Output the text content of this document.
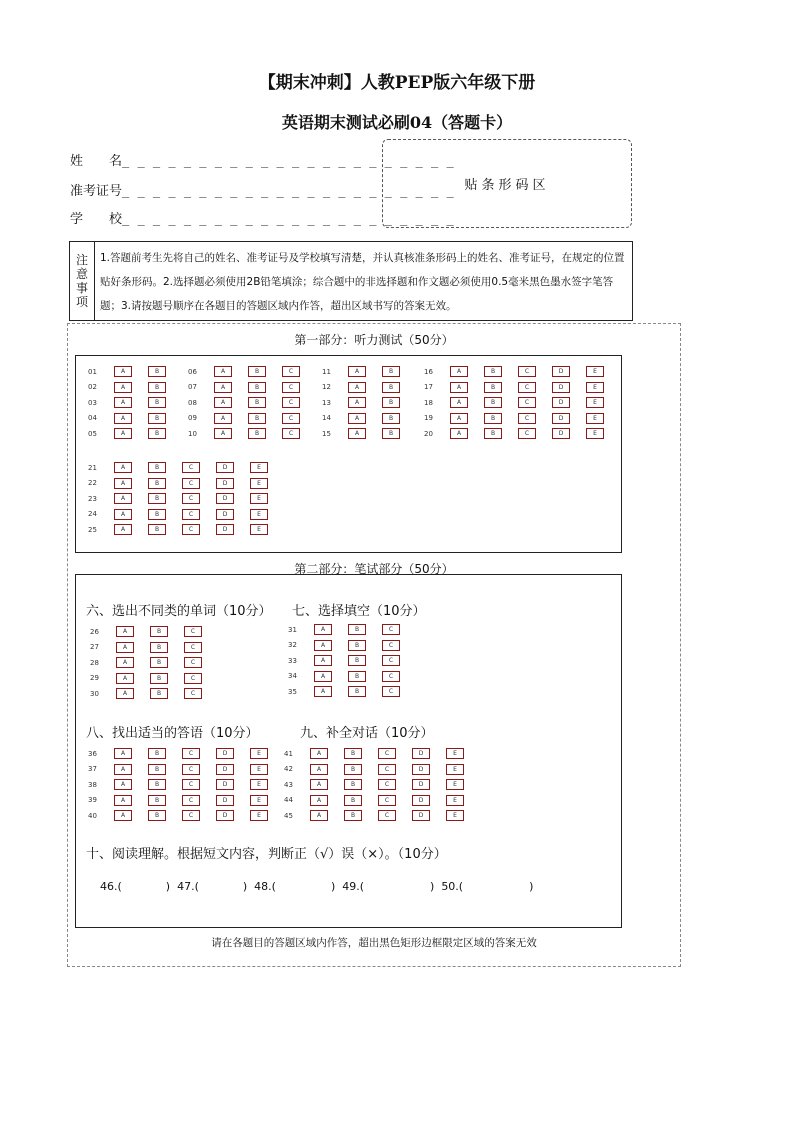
【期末冲刺】人教PEP版六年级下册
英语期末测试必刷04（答题卡）
姓　　名_ _ _ _ _ _ _ _ _ _ _ _ _ _ _ _ _ _ _ _ _ _
准考证号_ _ _ _ _ _ _ _ _ _ _ _ _ _ _ _ _ _ _ _ _ _
学　　校_ _ _ _ _ _ _ _ _ _ _ _ _ _ _ _ _ _ _ _ _ _
贴条形码区
注
意
事
项
1.答题前考生先将自己的姓名、准考证号及学校填写清楚，并认真核准条形码上的姓名、准考证号，在规定的位置贴好条形码。2.选择题必须使用2B铅笔填涂；综合题中的非选择题和作文题必须使用0.5毫米黑色墨水签字笔答题；3.请按题号顺序在各题目的答题区域内作答，超出区域书写的答案无效。
第一部分：听力测试（50分）
01	A	B
02	A	B
03	A	B
04	A	B
05	A	B
06	A	B	C
07	A	B	C
08	A	B	C
09	A	B	C
10	A	B	C
11	A	B
12	A	B
13	A	B
14	A	B
15	A	B
16	A	B	C	D	E
17	A	B	C	D	E
18	A	B	C	D	E
19	A	B	C	D	E
20	A	B	C	D	E
21	A	B	C	D	E
22	A	B	C	D	E
23	A	B	C	D	E
24	A	B	C	D	E
25	A	B	C	D	E
第二部分：笔试部分（50分）
六、选出不同类的单词（10分） 七、选择填空（10分）
26	A	B	C
27	A	B	C
28	A	B	C
29	A	B	C
30	A	B	C
31	A	B	C
32	A	B	C
33	A	B	C
34	A	B	C
35	A	B	C
八、找出适当的答语（10分）	九、补全对话（10分）
36	A	B	C	D	E
37	A	B	C	D	E
38	A	B	C	D	E
39	A	B	C	D	E
40	A	B	C	D	E
41	A	B	C	D	E
42	A	B	C	D	E
43	A	B	C	D	E
44	A	B	C	D	E
45	A	B	C	D	E
十、阅读理解。根据短文内容，判断正（√）误（×）。（10分）

46.(　　　　) 47.(　　　　) 48.(　　　　　) 49.(　　　　　　) 50.(　　　　　　)

请在各题目的答题区域内作答，超出黑色矩形边框限定区域的答案无效
